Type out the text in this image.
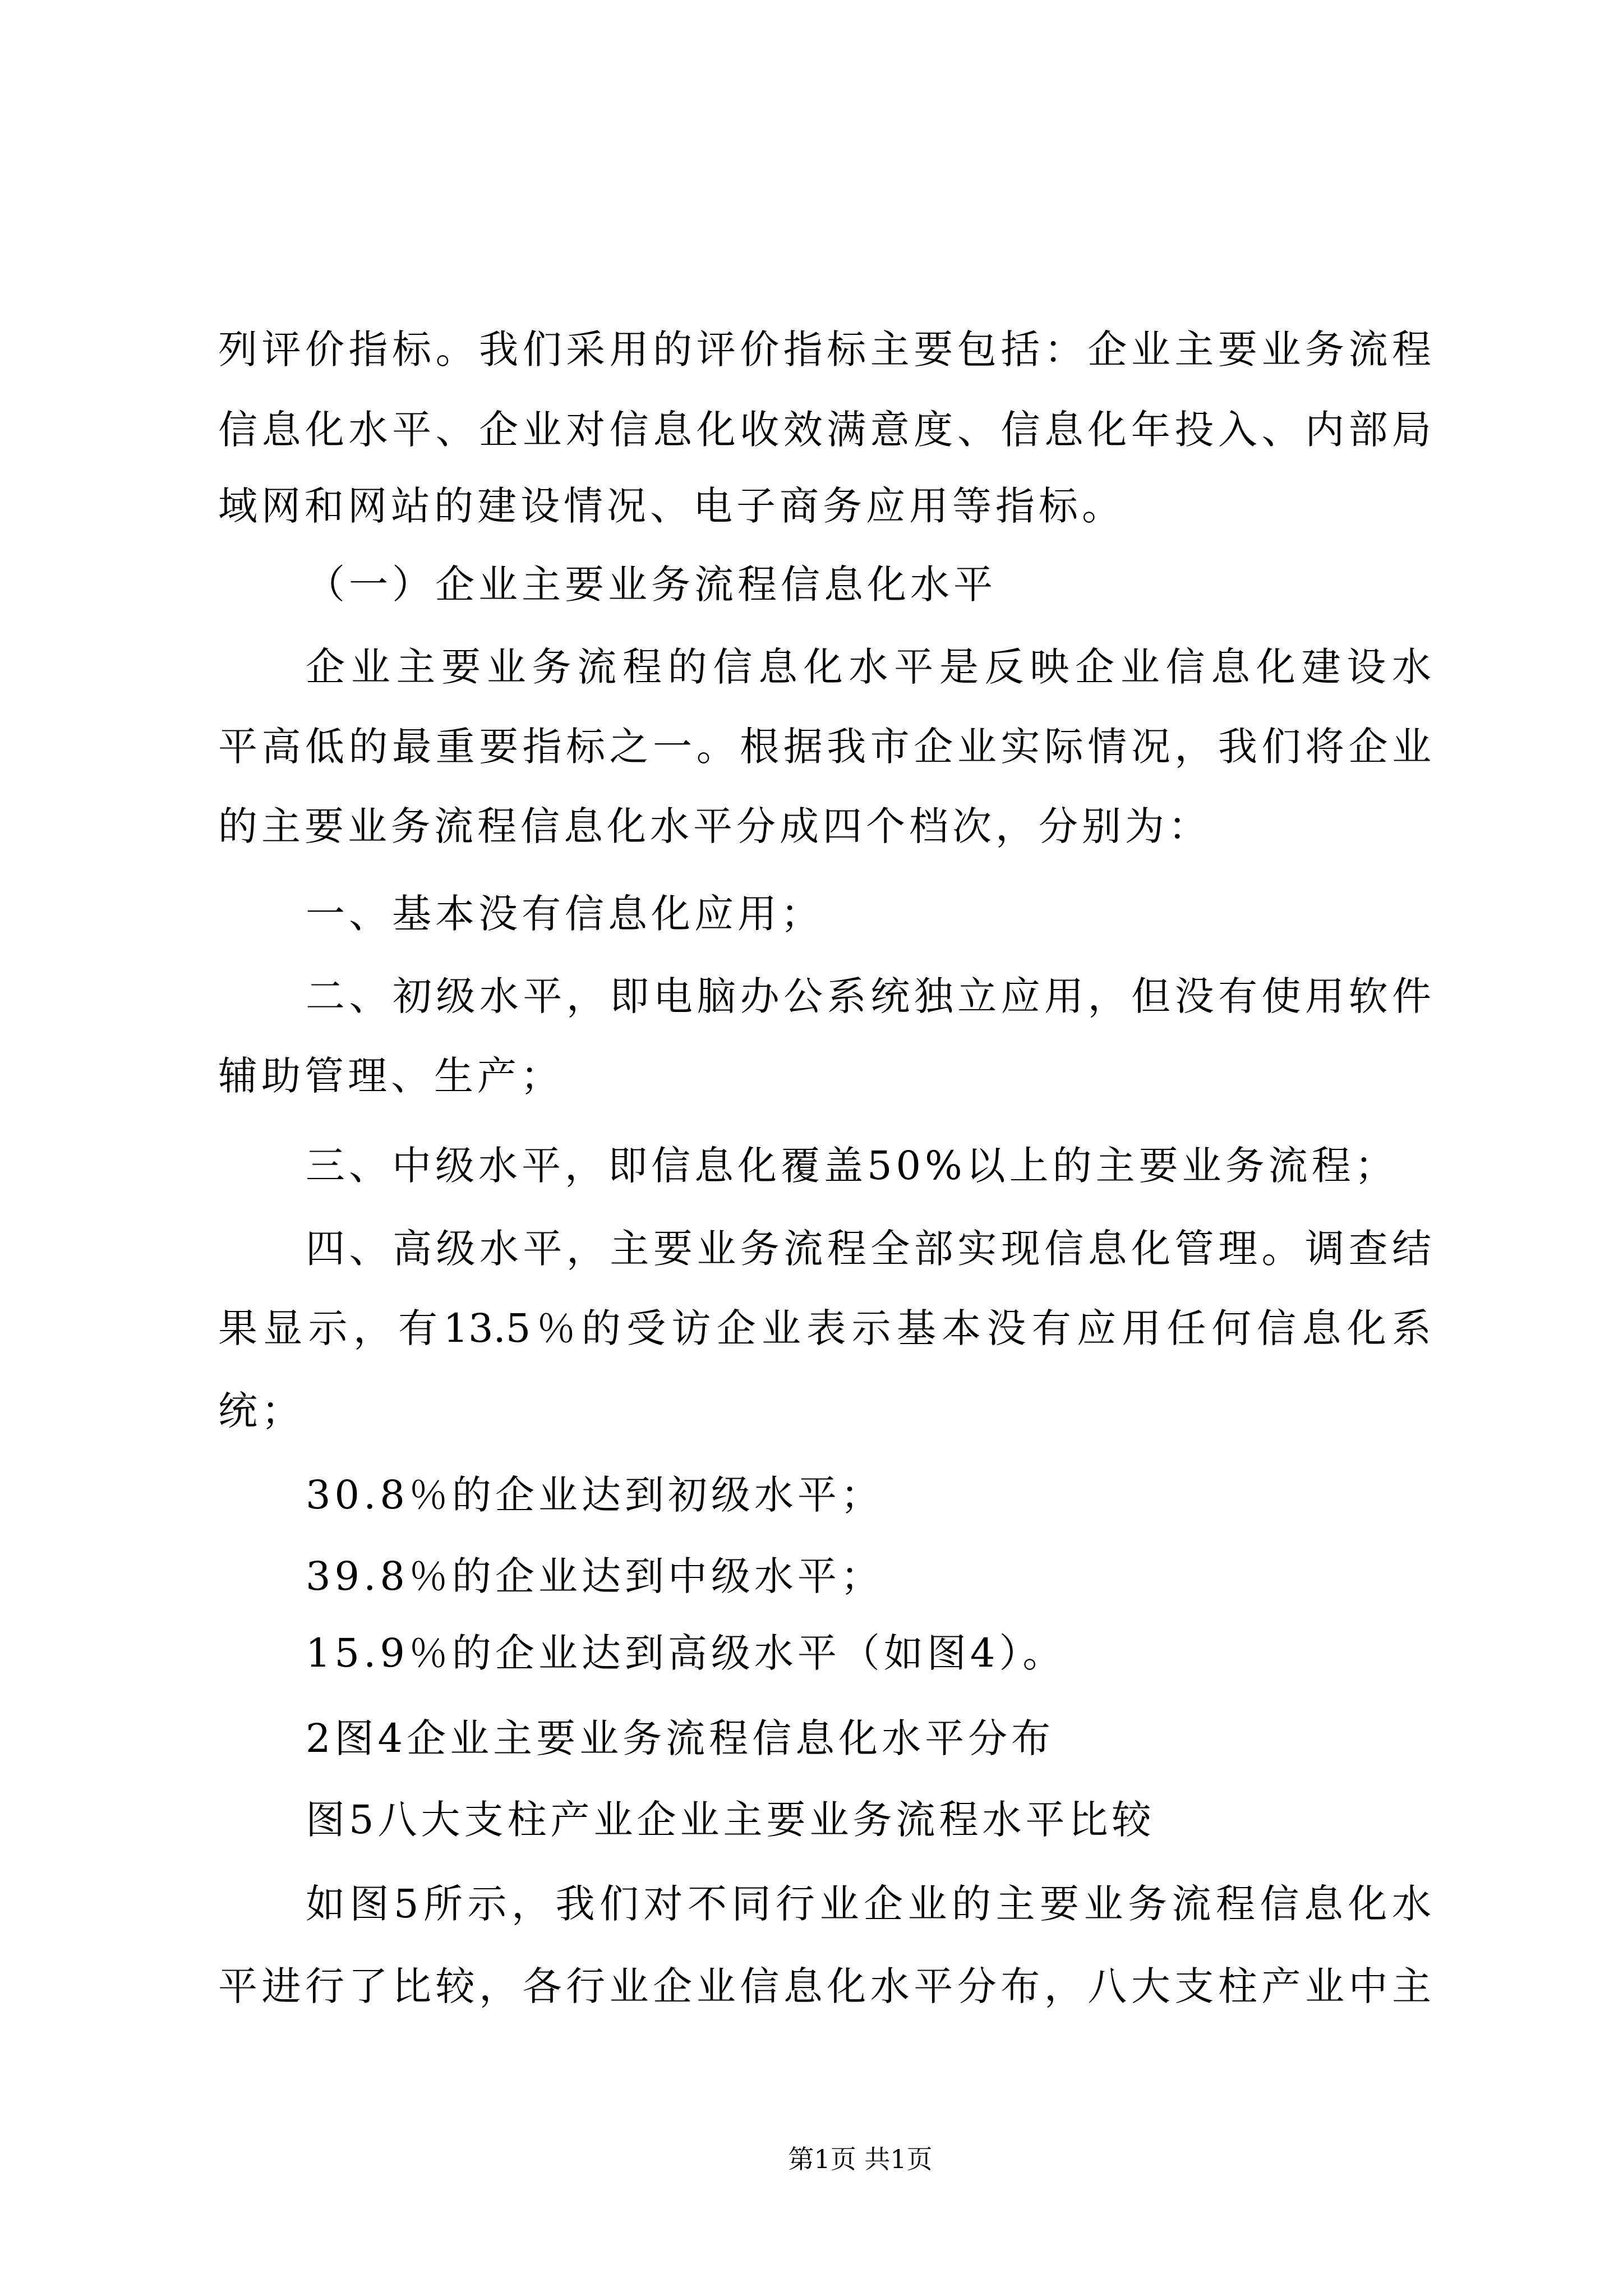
列评价指标。我们采用的评价指标主要包括：企业主要业务流程
信息化水平、企业对信息化收效满意度、信息化年投入、内部局
域网和网站的建设情况、电子商务应用等指标。
（一）企业主要业务流程信息化水平
企业主要业务流程的信息化水平是反映企业信息化建设水
平高低的最重要指标之一。根据我市企业实际情况，我们将企业
的主要业务流程信息化水平分成四个档次，分别为：
一、基本没有信息化应用；
二、初级水平，即电脑办公系统独立应用，但没有使用软件
辅助管理、生产；
三、中级水平，即信息化覆盖50%以上的主要业务流程；
四、高级水平，主要业务流程全部实现信息化管理。调查结
果显示，有13.5％的受访企业表示基本没有应用任何信息化系
统；
30.8％的企业达到初级水平；
39.8％的企业达到中级水平；
15.9％的企业达到高级水平（如图4）。
2图4企业主要业务流程信息化水平分布
图5八大支柱产业企业主要业务流程水平比较
如图5所示，我们对不同行业企业的主要业务流程信息化水
平进行了比较，各行业企业信息化水平分布，八大支柱产业中主
第1页 共1页
